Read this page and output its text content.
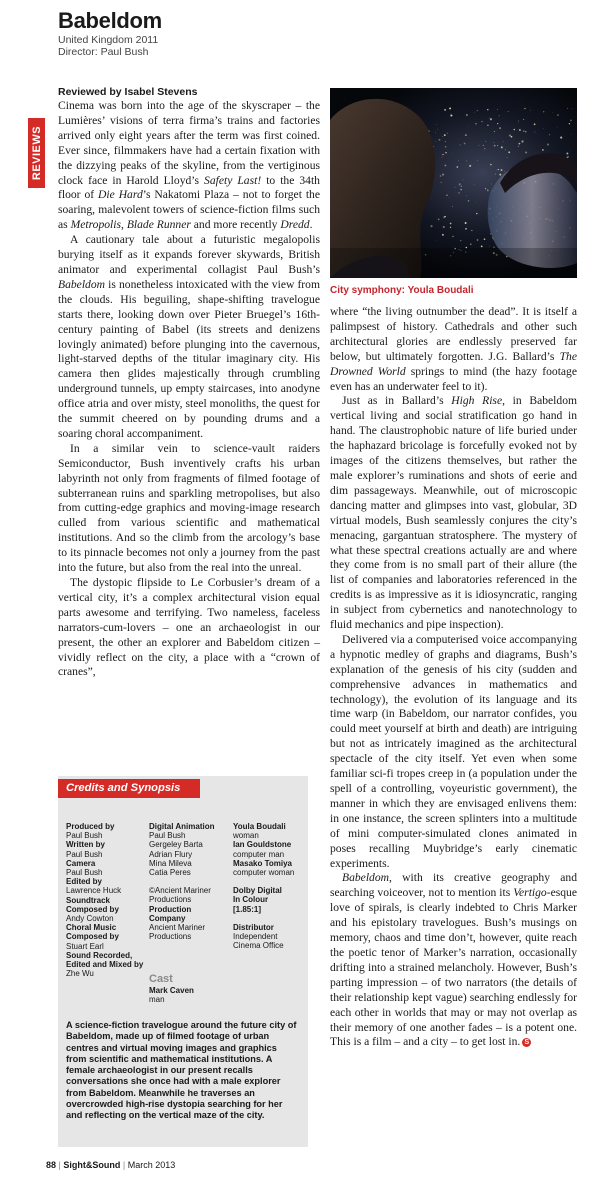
REVIEWS
Babeldom
United Kingdom 2011
Director: Paul Bush
Reviewed by Isabel Stevens

Cinema was born into the age of the skyscraper – the Lumières’ visions of terra firma’s trains and factories arrived only eight years after the term was first coined. Ever since, filmmakers have had a certain fixation with the dizzying peaks of the skyline, from the vertiginous clock face in Harold Lloyd’s Safety Last! to the 34th floor of Die Hard’s Nakatomi Plaza – not to forget the soaring, malevolent towers of science-fiction films such as Metropolis, Blade Runner and more recently Dredd.

A cautionary tale about a futuristic megalopolis burying itself as it expands forever skywards, British animator and experimental collagist Paul Bush’s Babeldom is nonetheless intoxicated with the view from the clouds. His beguiling, shape-shifting travelogue starts there, looking down over Pieter Bruegel’s 16th-century painting of Babel (its streets and denizens lovingly animated) before plunging into the cavernous, light-starved depths of the titular imaginary city. His camera then glides majestically through crumbling underground tunnels, up empty staircases, into anodyne office atria and over misty, steel monoliths, the quest for the summit cheered on by pounding drums and a soaring choral accompaniment.

In a similar vein to science-vault raiders Semiconductor, Bush inventively crafts his urban labyrinth not only from fragments of filmed footage of subterranean ruins and sparkling metropolises, but also from cutting-edge graphics and moving-image research culled from various scientific and mathematical institutions. And so the climb from the arcology’s base to its pinnacle becomes not only a journey from the past into the future, but also from the real into the unreal.

The dystopic flipside to Le Corbusier’s dream of a vertical city, it’s a complex architectural vision equal parts awesome and terrifying. Two nameless, faceless narrators-cum-lovers – one an archaeologist in our present, the other an explorer and Babeldom citizen – vividly reflect on the city, a place with a “crown of cranes”,

where “the living outnumber the dead”. It is itself a palimpsest of history. Cathedrals and other such architectural glories are endlessly preserved far below, but ultimately forgotten. J.G. Ballard’s The Drowned World springs to mind (the hazy footage even has an underwater feel to it).

Just as in Ballard’s High Rise, in Babeldom vertical living and social stratification go hand in hand. The claustrophobic nature of life buried under the haphazard bricolage is forcefully evoked not by images of the citizens themselves, but rather the male explorer’s ruminations and shots of eerie and dim passageways. Meanwhile, out of microscopic dancing matter and glimpses into vast, globular, 3D virtual models, Bush seamlessly conjures the city’s menacing, gargantuan stratosphere. The mystery of what these spectral creations actually are and where they come from is no small part of their allure (the list of companies and laboratories referenced in the credits is as impressive as it is idiosyncratic, ranging in subject from cybernetics and nanotechnology to fluid mechanics and pipe inspection).

Delivered via a computerised voice accompanying a hypnotic medley of graphs and diagrams, Bush’s explanation of the genesis of his city (sudden and comprehensive advances in mathematics and technology), the evolution of its language and its time warp (in Babeldom, our narrator confides, you could meet yourself at birth and death) are intriguing but not as intricately imagined as the architectural spectacle of the city itself. Yet even when some familiar sci-fi tropes creep in (a population under the spell of a controlling, voyeuristic government), the manner in which they are envisaged enlivens them: in one instance, the screen splinters into a multitude of mini computer-simulated clones animated in poses recalling Muybridge’s early cinematic experiments.

Babeldom, with its creative geography and searching voiceover, not to mention its Vertigo-esque love of spirals, is clearly indebted to Chris Marker and his epistolary travelogues. Bush’s musings on memory, chaos and time don’t, however, quite reach the poetic tenor of Marker’s narration, occasionally drifting into a strained melancholy. However, Bush’s parting impression – of two narrators (the details of their relationship kept vague) searching endlessly for each other in worlds that may or may not overlap as their memory of one another fades – is a potent one. This is a film – and a city – to get lost in. S

City symphony: Youla Boudali
Credits and Synopsis
Produced by
Paul Bush
Written by
Paul Bush
Camera
Paul Bush
Edited by
Lawrence Huck
Soundtrack
Composed by
Andy Cowton
Choral Music
Composed by
Stuart Earl
Sound Recorded,
Edited and Mixed by
Zhe Wu
Digital Animation
Paul Bush
Gergeley Barta
Adrian Flury
Mina Mileva
Catia Peres
©Ancient Mariner
Productions
Production
Company
Ancient Mariner
Productions
Youla Boudali
woman
Ian Gouldstone
computer man
Masako Tomiya
computer woman
Dolby Digital
In Colour
[1.85:1]
Distributor
Independent
Cinema Office
Cast
Mark Caven
man
A science-fiction travelogue around the future city of Babeldom, made up of filmed footage of urban centres and virtual moving images and graphics from scientific and mathematical institutions. A female archaeologist in our present recalls conversations she once had with a male explorer from Babeldom. Meanwhile he traverses an overcrowded high-rise dystopia searching for her and reflecting on the vertical maze of the city.
88 | Sight&Sound | March 2013
